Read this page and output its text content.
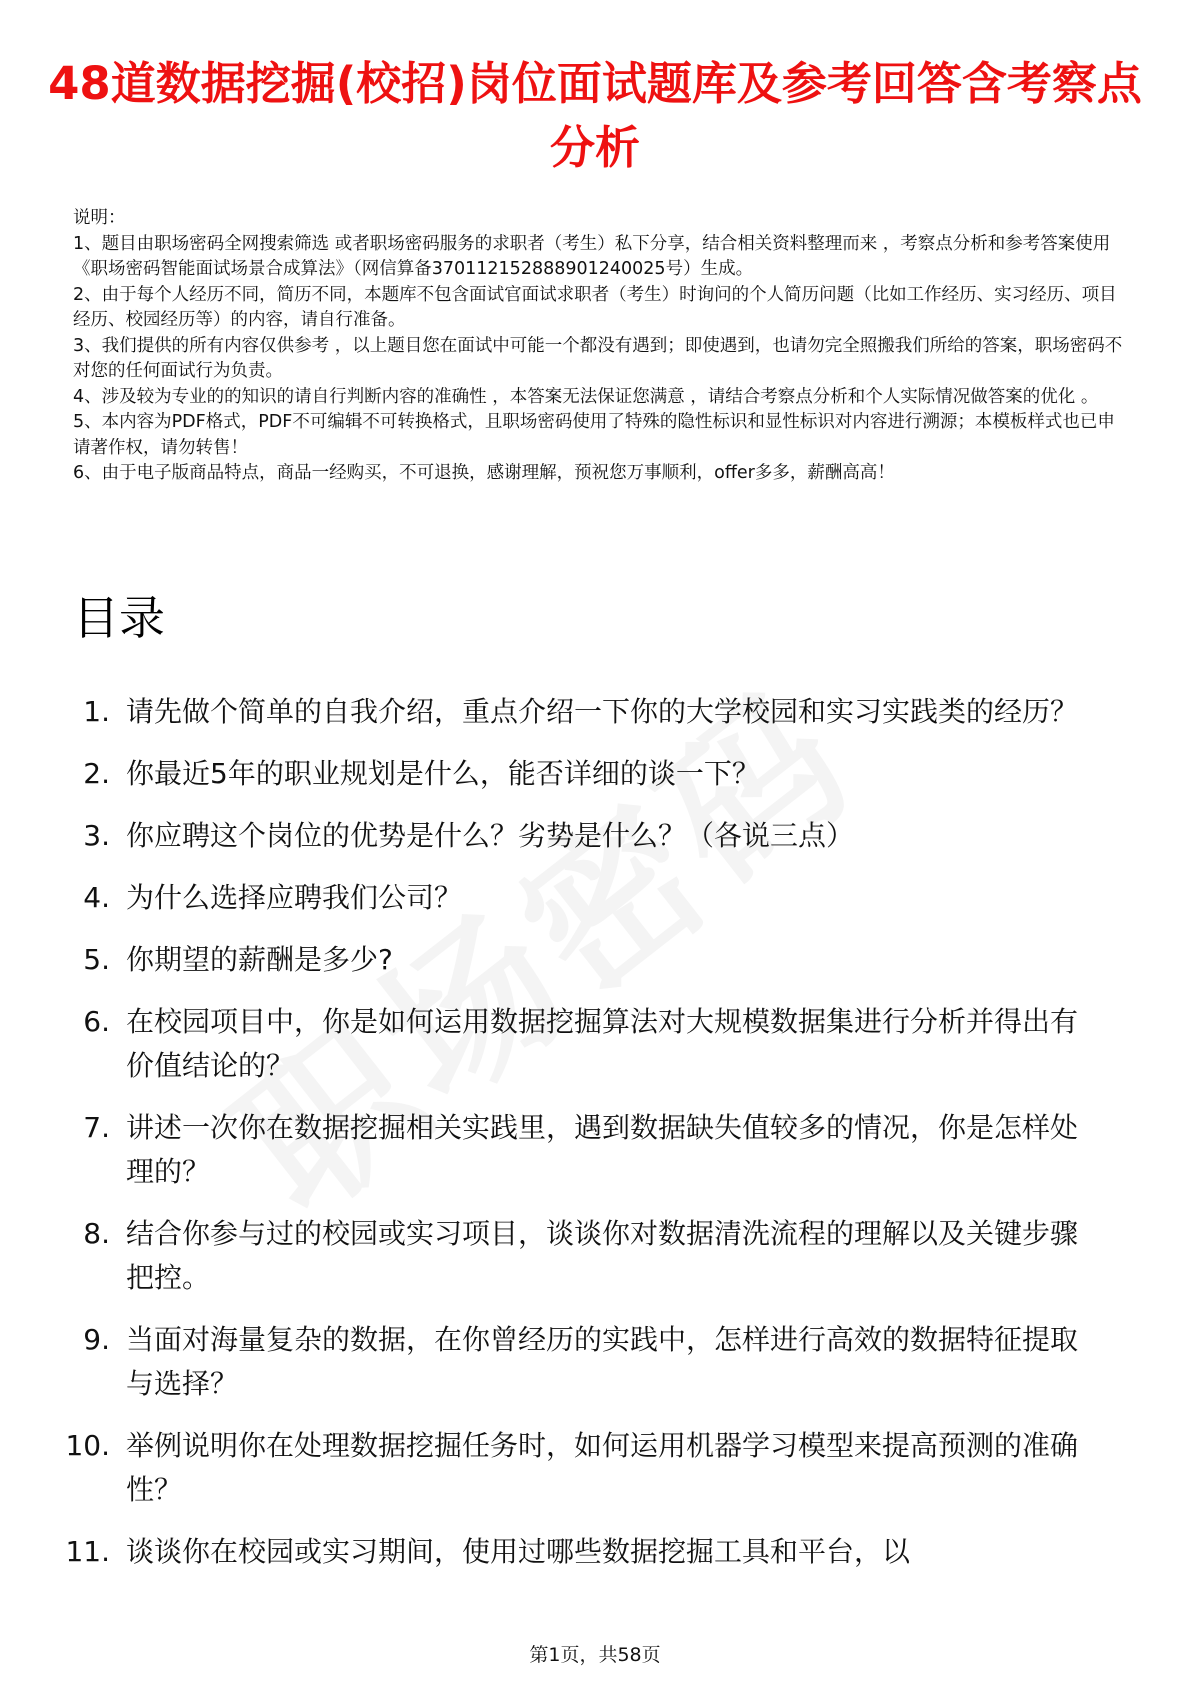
48道数据挖掘(校招)岗位面试题库及参考回答含考察点分析

说明：

1、题目由职场密码全网搜索筛选 或者职场密码服务的求职者（考生）私下分享，结合相关资料整理而来 ，考察点分析和参考答案使用《职场密码智能面试场景合成算法》（网信算备370112152888901240025号）生成。

2、由于每个人经历不同，简历不同，本题库不包含面试官面试求职者（考生）时询问的个人简历问题（比如工作经历、实习经历、项目经历、校园经历等）的内容，请自行准备。

3、我们提供的所有内容仅供参考 ，以上题目您在面试中可能一个都没有遇到；即使遇到，也请勿完全照搬我们所给的答案，职场密码不对您的任何面试行为负责。

4、涉及较为专业的的知识的请自行判断内容的准确性 ，本答案无法保证您满意 ，请结合考察点分析和个人实际情况做答案的优化 。

5、本内容为PDF格式，PDF不可编辑不可转换格式，且职场密码使用了特殊的隐性标识和显性标识对内容进行溯源；本模板样式也已申请著作权，请勿转售！

6、由于电子版商品特点，商品一经购买，不可退换，感谢理解，预祝您万事顺利，offer多多，薪酬高高！

目录
1. 请先做个简单的自我介绍，重点介绍一下你的大学校园和实习实践类的经历？
2. 你最近5年的职业规划是什么，能否详细的谈一下？
3. 你应聘这个岗位的优势是什么？劣势是什么？（各说三点）
4. 为什么选择应聘我们公司？
5. 你期望的薪酬是多少?
6. 在校园项目中，你是如何运用数据挖掘算法对大规模数据集进行分析并得出有价值结论的？
7. 讲述一次你在数据挖掘相关实践里，遇到数据缺失值较多的情况，你是怎样处理的？
8. 结合你参与过的校园或实习项目，谈谈你对数据清洗流程的理解以及关键步骤把控。
9. 当面对海量复杂的数据，在你曾经历的实践中，怎样进行高效的数据特征提取与选择？
10. 举例说明你在处理数据挖掘任务时，如何运用机器学习模型来提高预测的准确性？
11. 谈谈你在校园或实习期间，使用过哪些数据挖掘工具和平台，以
第1页，共58页
